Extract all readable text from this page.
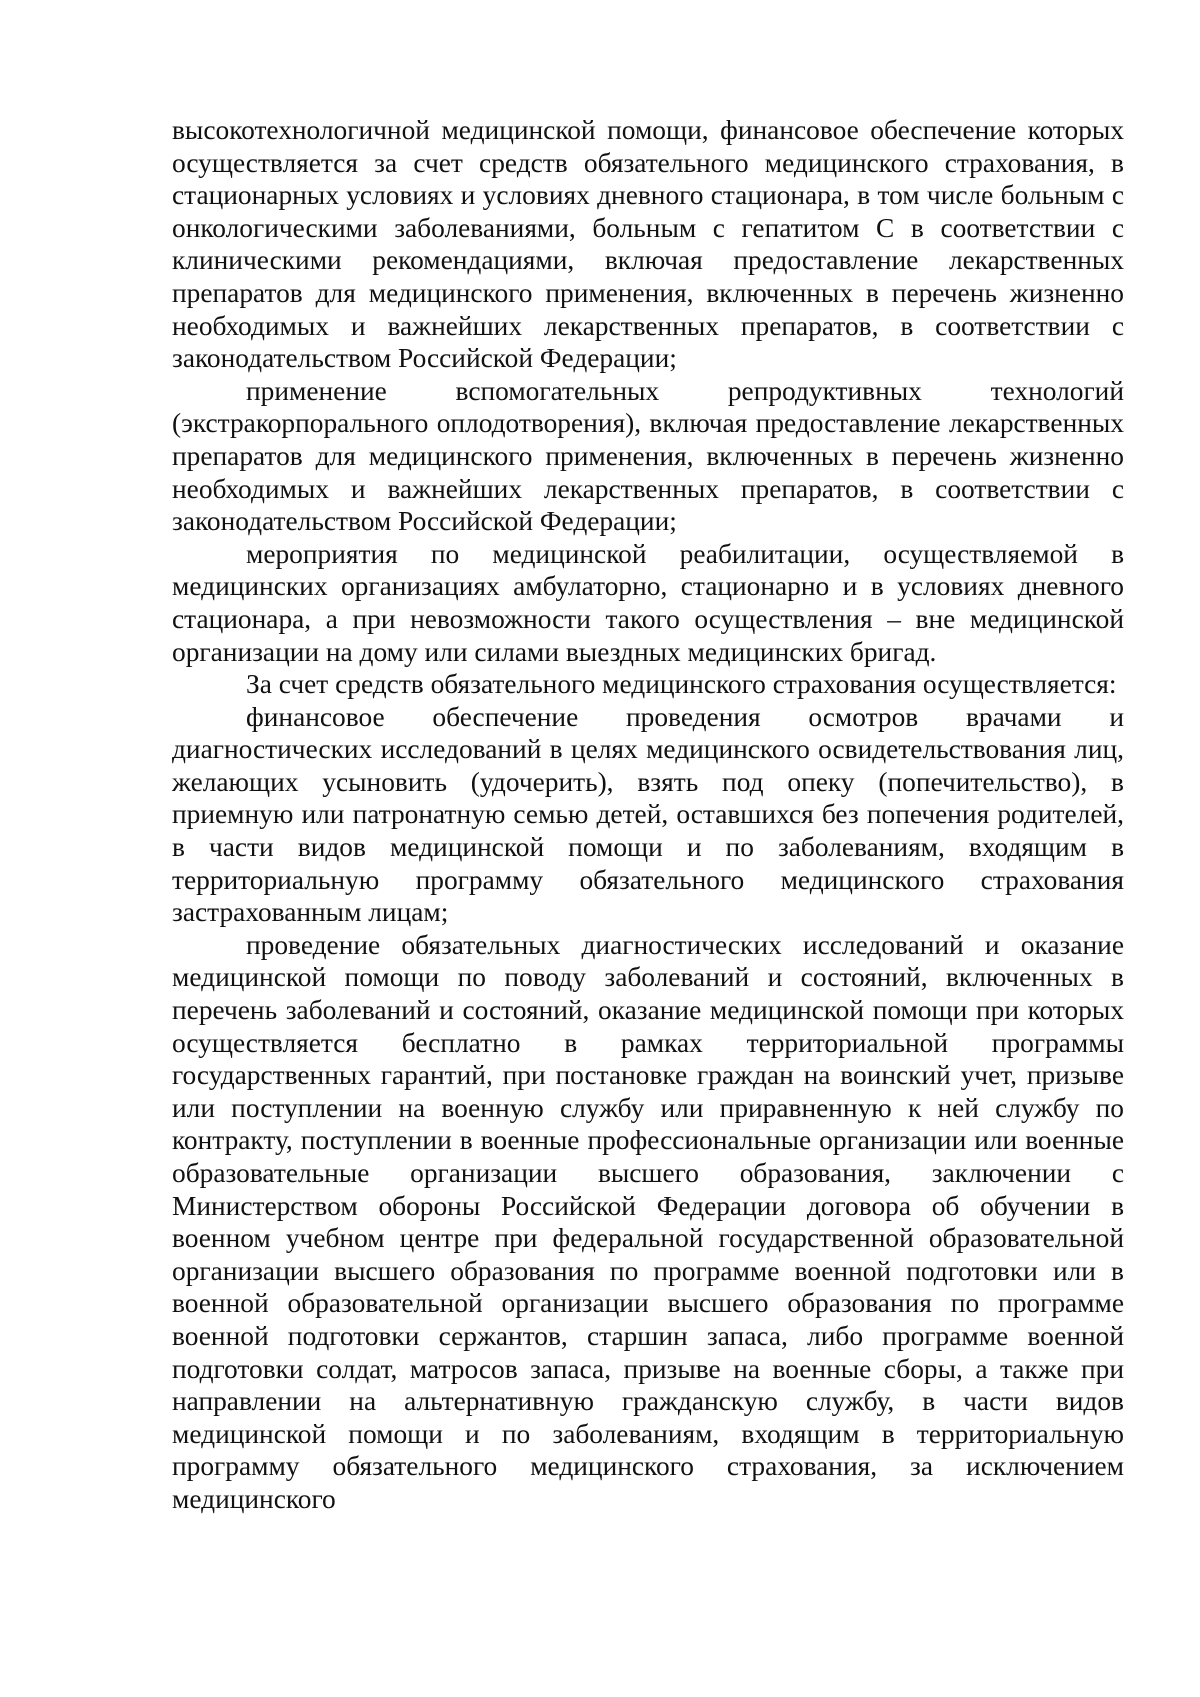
высокотехнологичной медицинской помощи, финансовое обеспечение которых осуществляется за счет средств обязательного медицинского страхования, в стационарных условиях и условиях дневного стационара, в том числе больным с онкологическими заболеваниями, больным с гепатитом С в соответствии с клиническими рекомендациями, включая предоставление лекарственных препаратов для медицинского применения, включенных в перечень жизненно необходимых и важнейших лекарственных препаратов, в соответствии с законодательством Российской Федерации;

применение вспомогательных репродуктивных технологий (экстракорпорального оплодотворения), включая предоставление лекарственных препаратов для медицинского применения, включенных в перечень жизненно необходимых и важнейших лекарственных препаратов, в соответствии с законодательством Российской Федерации;

мероприятия по медицинской реабилитации, осуществляемой в медицинских организациях амбулаторно, стационарно и в условиях дневного стационара, а при невозможности такого осуществления – вне медицинской организации на дому или силами выездных медицинских бригад.

За счет средств обязательного медицинского страхования осуществляется:

финансовое обеспечение проведения осмотров врачами и диагностических исследований в целях медицинского освидетельствования лиц, желающих усыновить (удочерить), взять под опеку (попечительство), в приемную или патронатную семью детей, оставшихся без попечения родителей, в части видов медицинской помощи и по заболеваниям, входящим в территориальную программу обязательного медицинского страхования застрахованным лицам;

проведение обязательных диагностических исследований и оказание медицинской помощи по поводу заболеваний и состояний, включенных в перечень заболеваний и состояний, оказание медицинской помощи при которых осуществляется бесплатно в рамках территориальной программы государственных гарантий, при постановке граждан на воинский учет, призыве или поступлении на военную службу или приравненную к ней службу по контракту, поступлении в военные профессиональные организации или военные образовательные организации высшего образования, заключении с Министерством обороны Российской Федерации договора об обучении в военном учебном центре при федеральной государственной образовательной организации высшего образования по программе военной подготовки или в военной образовательной организации высшего образования по программе военной подготовки сержантов, старшин запаса, либо программе военной подготовки солдат, матросов запаса, призыве на военные сборы, а также при направлении на альтернативную гражданскую службу, в части видов медицинской помощи и по заболеваниям, входящим в территориальную программу обязательного медицинского страхования, за исключением медицинского
